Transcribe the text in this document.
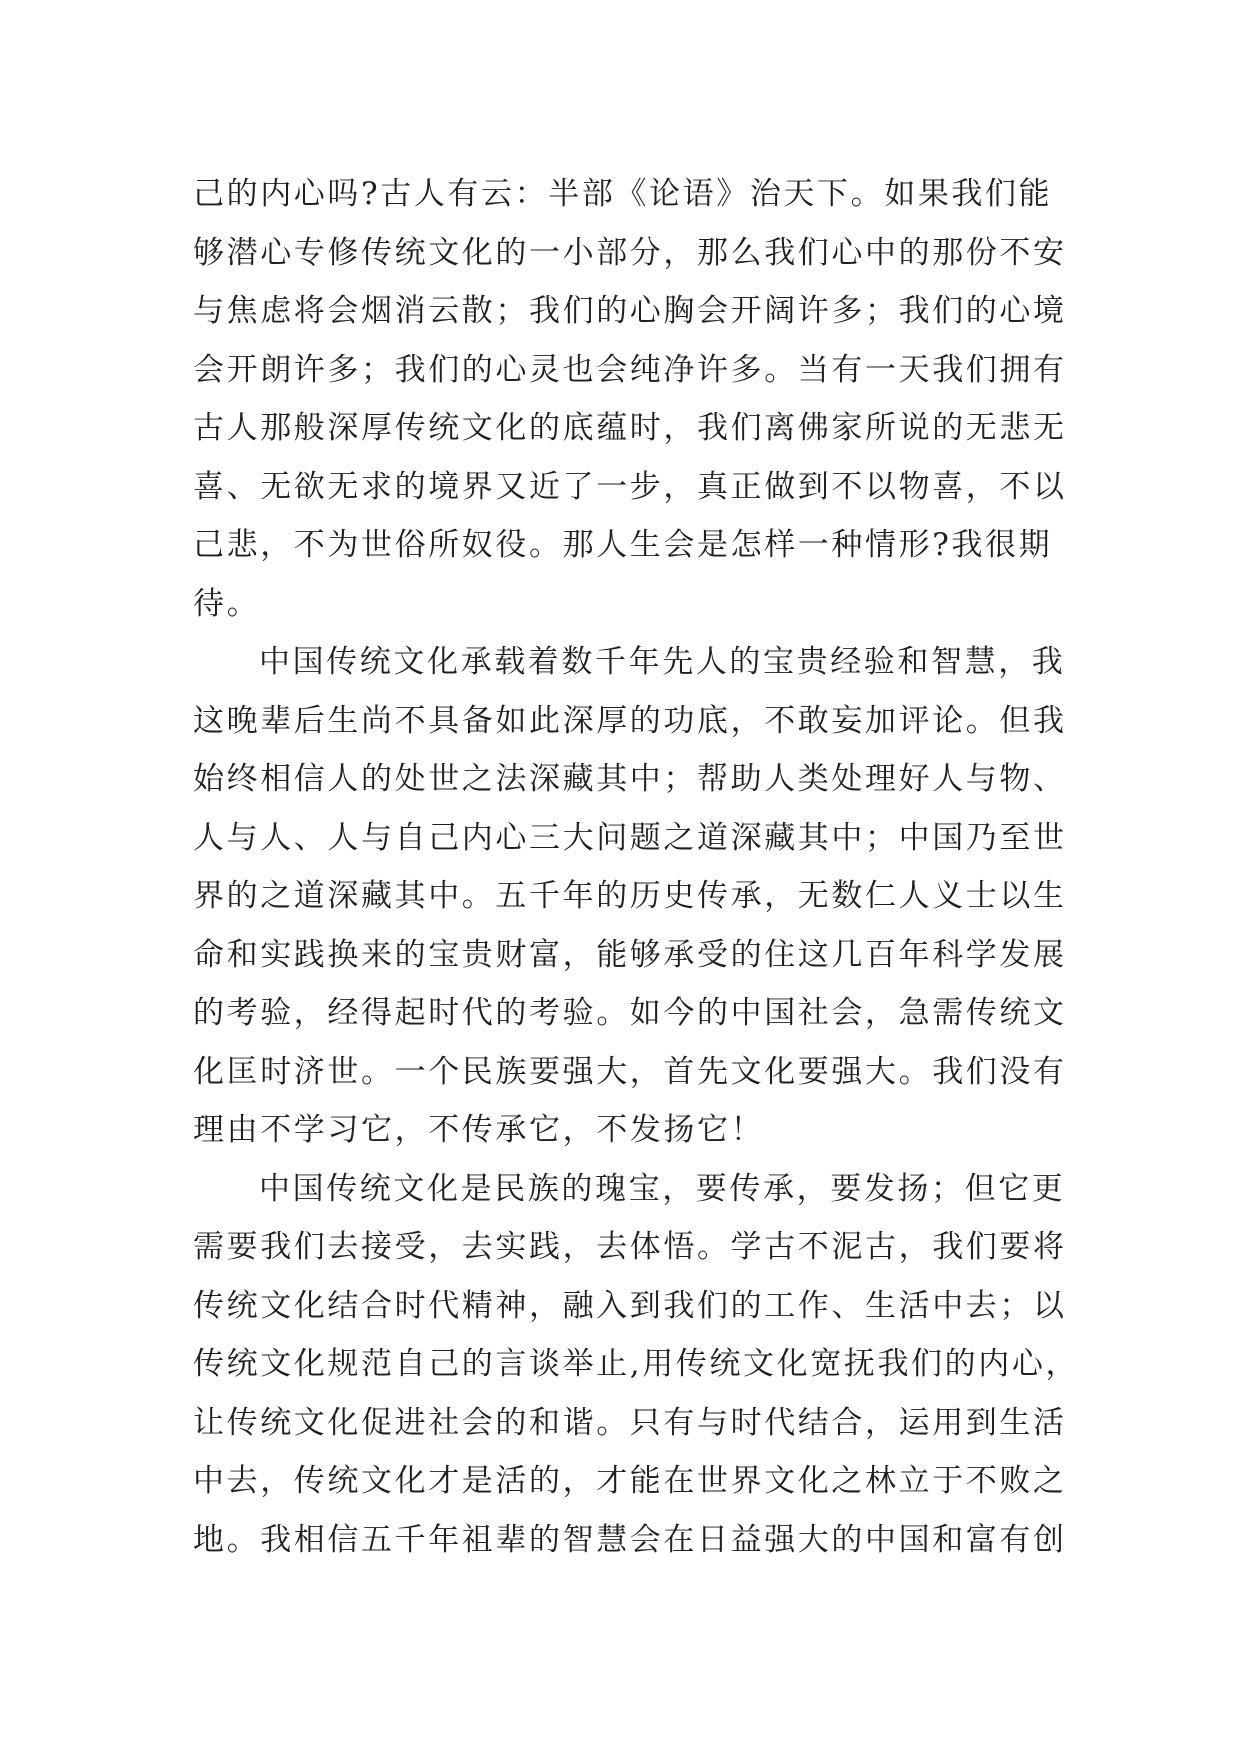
己的内心吗?古人有云：半部《论语》治天下。如果我们能
够潜心专修传统文化的一小部分，那么我们心中的那份不安
与焦虑将会烟消云散；我们的心胸会开阔许多；我们的心境
会开朗许多；我们的心灵也会纯净许多。当有一天我们拥有
古人那般深厚传统文化的底蕴时，我们离佛家所说的无悲无
喜、无欲无求的境界又近了一步，真正做到不以物喜，不以
己悲，不为世俗所奴役。那人生会是怎样一种情形?我很期
待。
中国传统文化承载着数千年先人的宝贵经验和智慧，我
这晚辈后生尚不具备如此深厚的功底，不敢妄加评论。但我
始终相信人的处世之法深藏其中；帮助人类处理好人与物、
人与人、人与自己内心三大问题之道深藏其中；中国乃至世
界的之道深藏其中。五千年的历史传承，无数仁人义士以生
命和实践换来的宝贵财富，能够承受的住这几百年科学发展
的考验，经得起时代的考验。如今的中国社会，急需传统文
化匡时济世。一个民族要强大，首先文化要强大。我们没有
理由不学习它，不传承它，不发扬它！
中国传统文化是民族的瑰宝，要传承，要发扬；但它更
需要我们去接受，去实践，去体悟。学古不泥古，我们要将
传统文化结合时代精神，融入到我们的工作、生活中去；以
传统文化规范自己的言谈举止,用传统文化宽抚我们的内心，
让传统文化促进社会的和谐。只有与时代结合，运用到生活
中去，传统文化才是活的，才能在世界文化之林立于不败之
地。我相信五千年祖辈的智慧会在日益强大的中国和富有创
